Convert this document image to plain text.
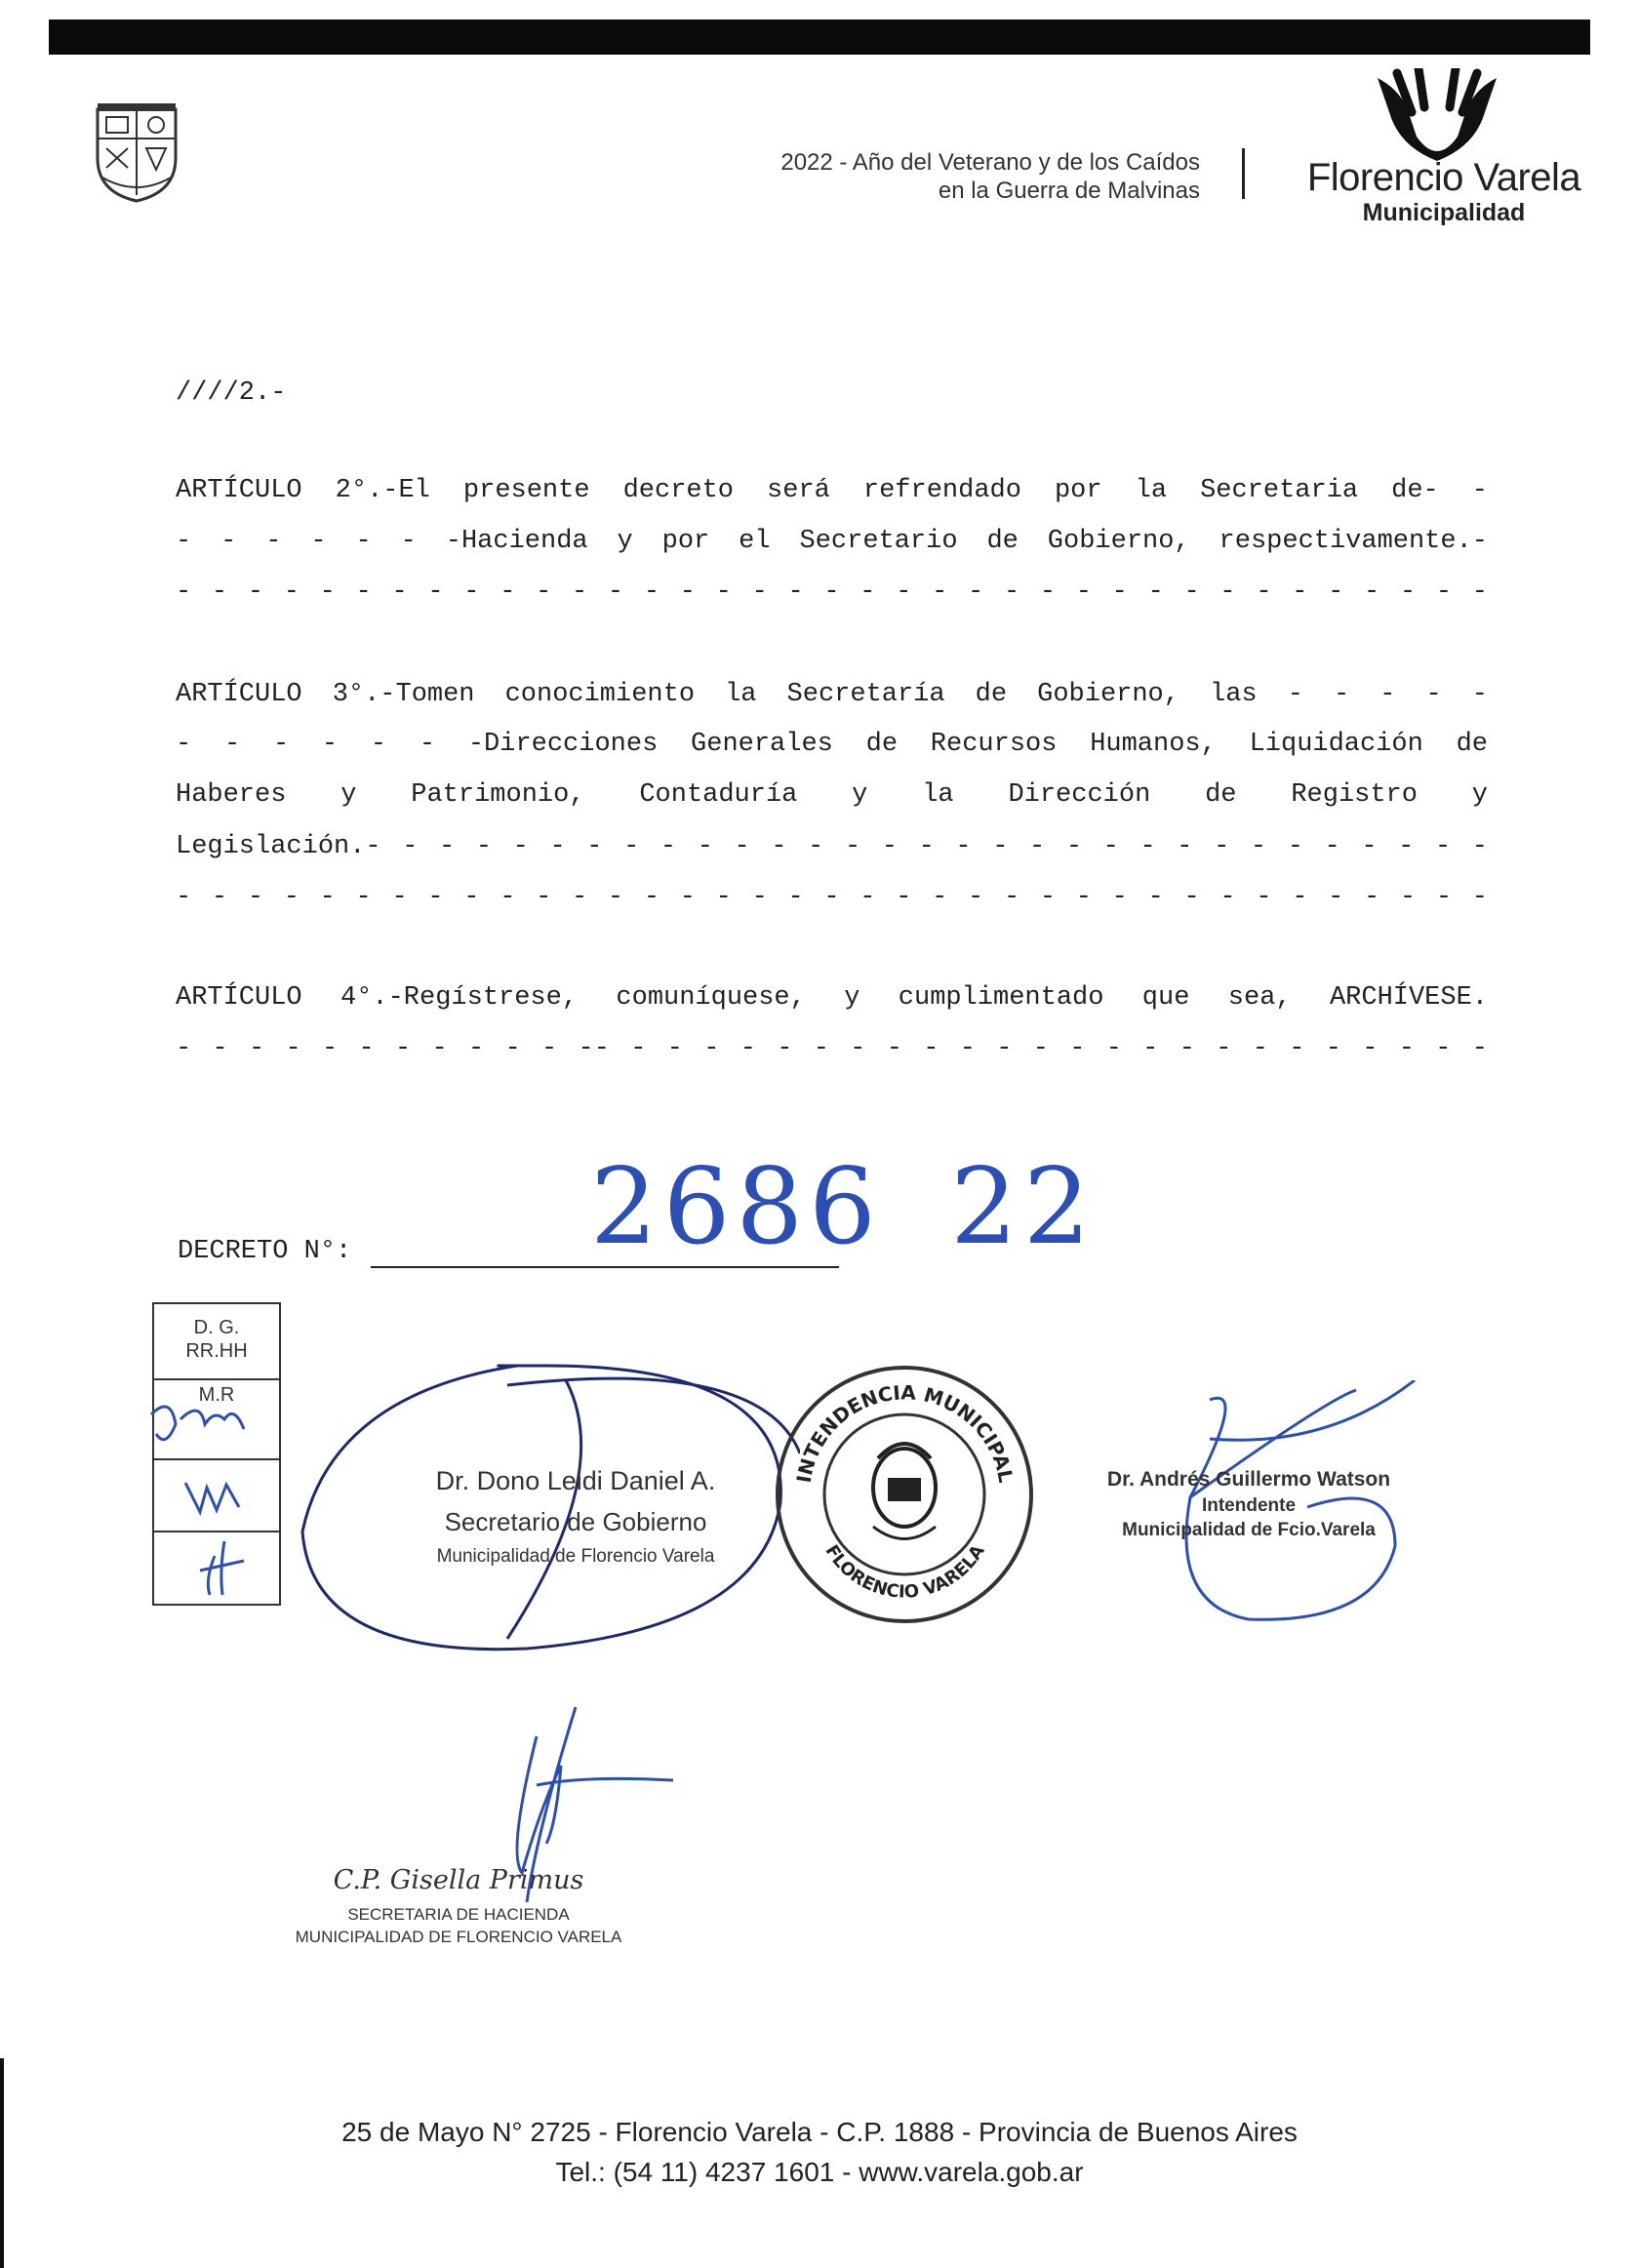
2022 - Año del Veterano y de los Caídos
en la Guerra de Malvinas	Florencio Varela
Municipalidad
////2.-
ARTÍCULO 2°.-El presente decreto será refrendado por la Secretaria de- -
- - - - - - -Hacienda y por el Secretario de Gobierno, respectivamente.-
- - - - - - - - - - - - - - - - - - - - - - - - - - - - - - - - - - - - -
ARTÍCULO 3°.-Tomen conocimiento la Secretaría de Gobierno, las - - - - -
- - - - - - -Direcciones Generales de Recursos Humanos, Liquidación de
Haberes y Patrimonio, Contaduría y la Dirección de Registro y
Legislación.- - - - - - - - - - - - - - - - - - - - - - - - - - - - - - -
- - - - - - - - - - - - - - - - - - - - - - - - - - - - - - - - - - - - -
ARTÍCULO 4°.-Regístrese, comuníquese, y cumplimentado que sea, ARCHÍVESE.
- - - - - - - - - - - -- - - - - - - - - - - - - - - - - - - - - - - - -
DECRETO N°: 2686 22
D. G.
RR.HH
M.R
Dr. Dono Leidi Daniel A.
Secretario de Gobierno
Municipalidad de Florencio Varela
INTENDENCIA MUNICIPAL
FLORENCIO VARELA
Dr. Andrés Guillermo Watson
Intendente
Municipalidad de Fcio.Varela
C.P. Gisella Primus
SECRETARIA DE HACIENDA
MUNICIPALIDAD DE FLORENCIO VARELA
25 de Mayo N° 2725 - Florencio Varela - C.P. 1888 - Provincia de Buenos Aires
Tel.: (54 11) 4237 1601 - www.varela.gob.ar
